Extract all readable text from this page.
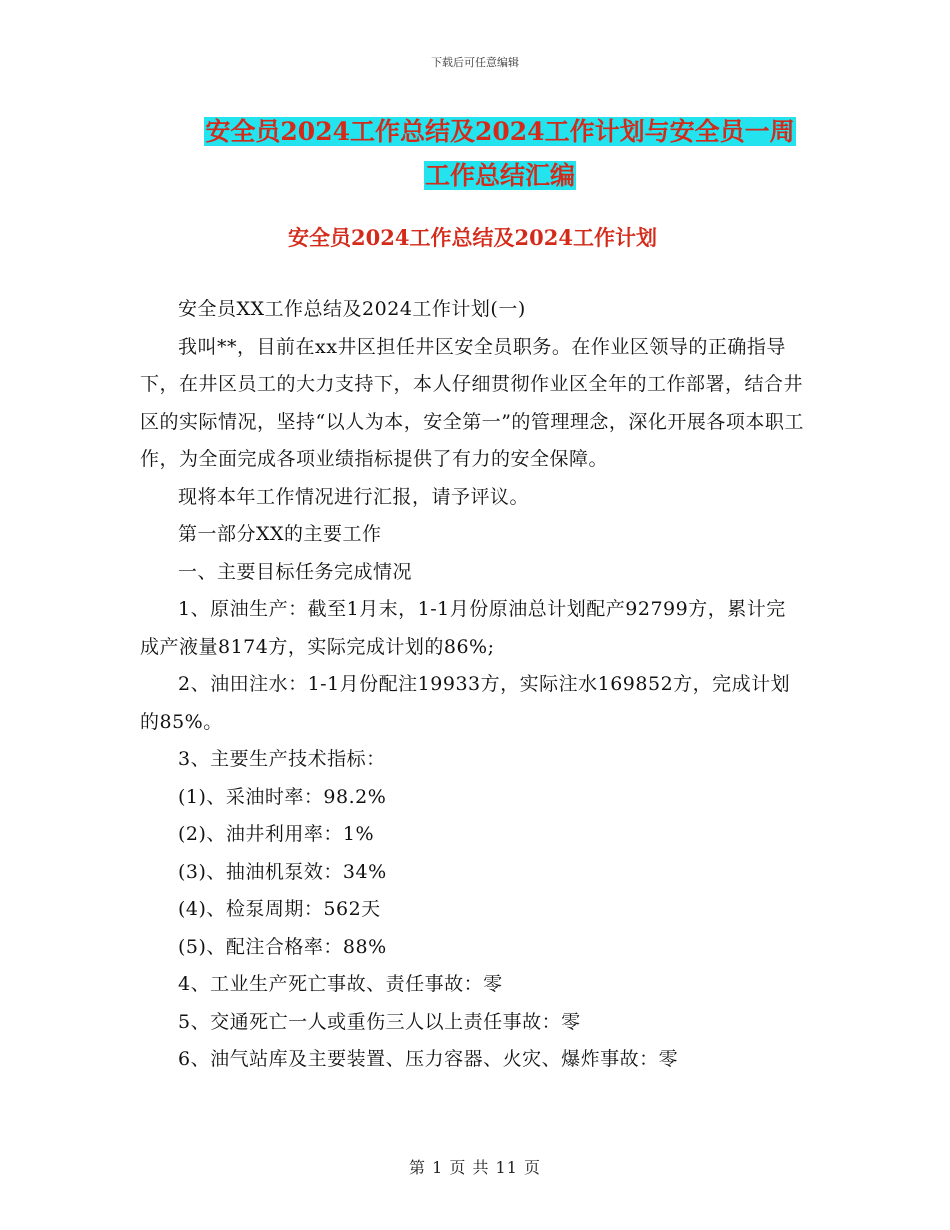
下载后可任意编辑
安全员2024工作总结及2024工作计划与安全员一周
工作总结汇编
安全员2024工作总结及2024工作计划

安全员XX工作总结及2024工作计划(一)

我叫**，目前在xx井区担任井区安全员职务。在作业区领导的正确指导下，在井区员工的大力支持下，本人仔细贯彻作业区全年的工作部署，结合井区的实际情况，坚持“以人为本，安全第一”的管理理念，深化开展各项本职工作，为全面完成各项业绩指标提供了有力的安全保障。

现将本年工作情况进行汇报，请予评议。

第一部分XX的主要工作

一、主要目标任务完成情况

1、原油生产：截至1月末，1-1月份原油总计划配产92799方，累计完成产液量8174方，实际完成计划的86%;

2、油田注水：1-1月份配注19933方，实际注水169852方，完成计划的85%。

3、主要生产技术指标：

(1)、采油时率：98.2%

(2)、油井利用率：1%

(3)、抽油机泵效：34%

(4)、检泵周期：562天

(5)、配注合格率：88%

4、工业生产死亡事故、责任事故：零

5、交通死亡一人或重伤三人以上责任事故：零

6、油气站库及主要装置、压力容器、火灾、爆炸事故：零

第 1 页 共 11 页
